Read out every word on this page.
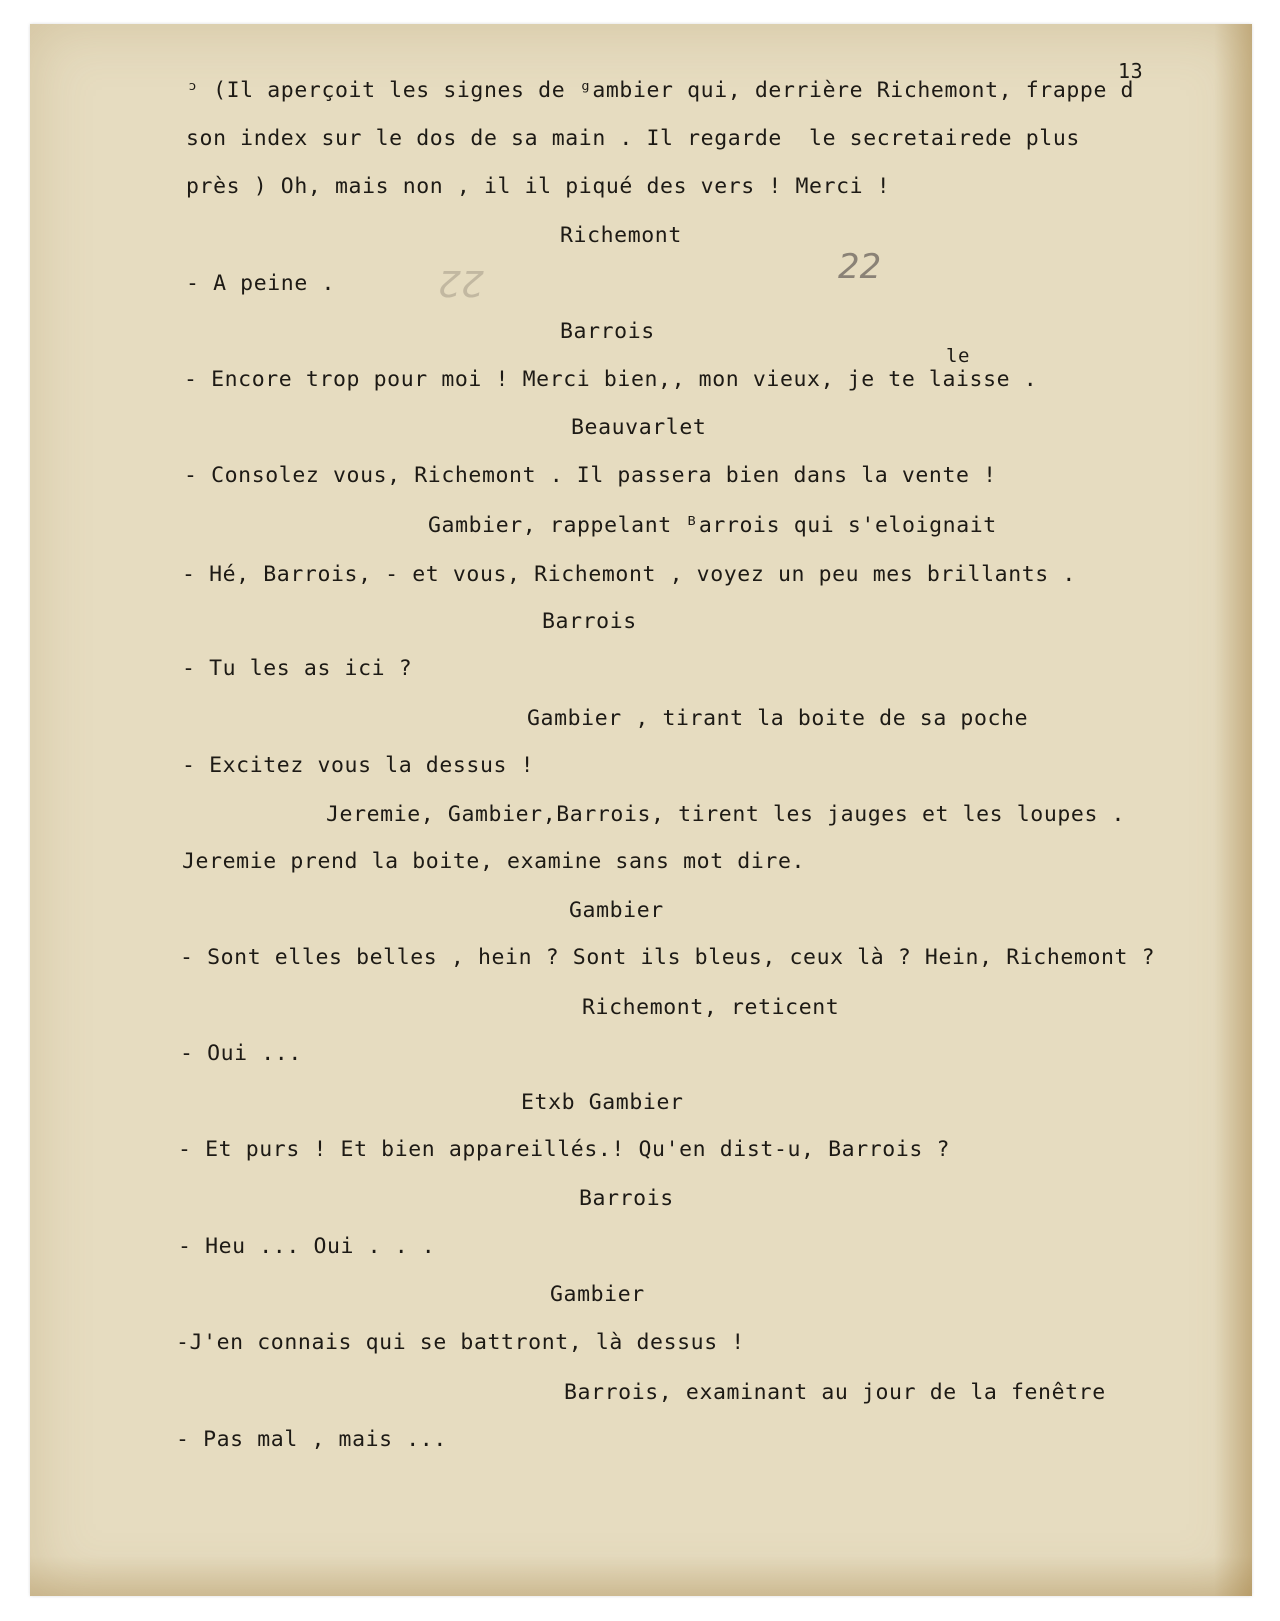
13
22
22
ᵓ (Il aperçoit les signes de ᵍambier qui, derrière Richemont, frappe d
son index sur le dos de sa main . Il regarde  le secretairede plus
près ) Oh, mais non , il il piqué des vers ! Merci !
Richemont
- A peine .
Barrois
le
- Encore trop pour moi ! Merci bien,, mon vieux, je te laisse .
Beauvarlet
- Consolez vous, Richemont . Il passera bien dans la vente !
Gambier, rappelant ᴮarrois qui s'eloignait
- Hé, Barrois, - et vous, Richemont , voyez un peu mes brillants .
Barrois
- Tu les as ici ?
Gambier , tirant la boite de sa poche
- Excitez vous la dessus !
Jeremie, Gambier,Barrois, tirent les jauges et les loupes .
Jeremie prend la boite, examine sans mot dire.
Gambier
- Sont elles belles , hein ? Sont ils bleus, ceux là ? Hein, Richemont ?
Richemont, reticent
- Oui ...
Etxb Gambier
- Et purs ! Et bien appareillés.! Qu'en dist-u, Barrois ?
Barrois
- Heu ... Oui . . .
Gambier
-J'en connais qui se battront, là dessus !
Barrois, examinant au jour de la fenêtre
- Pas mal , mais ...
